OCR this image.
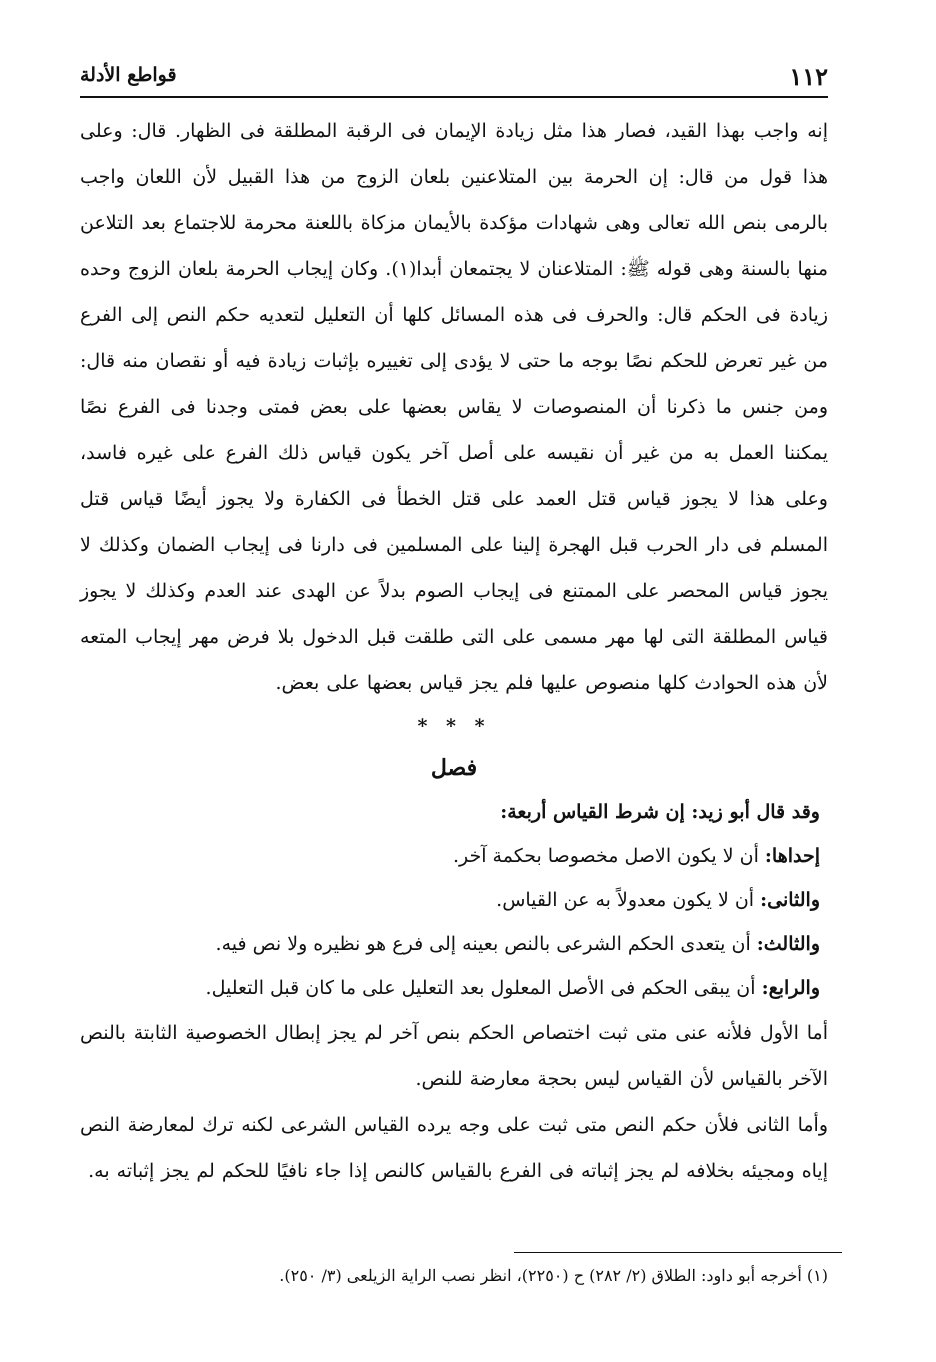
١١٢
قواطع الأدلة

إنه واجب بهذا القيد، فصار هذا مثل زيادة الإيمان فى الرقبة المطلقة فى الظهار. قال: وعلى هذا قول من قال: إن الحرمة بين المتلاعنين بلعان الزوج من هذا القبيل لأن اللعان واجب بالرمى بنص الله تعالى وهى شهادات مؤكدة بالأيمان مزكاة باللعنة محرمة للاجتماع بعد التلاعن منها بالسنة وهى قوله ﷺ: المتلاعنان لا يجتمعان أبدا(١). وكان إيجاب الحرمة بلعان الزوج وحده زيادة فى الحكم قال: والحرف فى هذه المسائل كلها أن التعليل لتعديه حكم النص إلى الفرع من غير تعرض للحكم نصًا بوجه ما حتى لا يؤدى إلى تغييره بإثبات زيادة فيه أو نقصان منه قال: ومن جنس ما ذكرنا أن المنصوصات لا يقاس بعضها على بعض فمتى وجدنا فى الفرع نصًا يمكننا العمل به من غير أن نقيسه على أصل آخر يكون قياس ذلك الفرع على غيره فاسد، وعلى هذا لا يجوز قياس قتل العمد على قتل الخطأ فى الكفارة ولا يجوز أيضًا قياس قتل المسلم فى دار الحرب قبل الهجرة إلينا على المسلمين فى دارنا فى إيجاب الضمان وكذلك لا يجوز قياس المحصر على الممتنع فى إيجاب الصوم بدلاً عن الهدى عند العدم وكذلك لا يجوز قياس المطلقة التى لها مهر مسمى على التى طلقت قبل الدخول بلا فرض مهر إيجاب المتعه لأن هذه الحوادث كلها منصوص عليها فلم يجز قياس بعضها على بعض.

* * *
فصل

وقد قال أبو زيد: إن شرط القياس أربعة:

إحداها: أن لا يكون الاصل مخصوصا بحكمة آخر.

والثانى: أن لا يكون معدولاً به عن القياس.

والثالث: أن يتعدى الحكم الشرعى بالنص بعينه إلى فرع هو نظيره ولا نص فيه.

والرابع: أن يبقى الحكم فى الأصل المعلول بعد التعليل على ما كان قبل التعليل.

أما الأول فلأنه عنى متى ثبت اختصاص الحكم بنص آخر لم يجز إبطال الخصوصية الثابتة بالنص الآخر بالقياس لأن القياس ليس بحجة معارضة للنص.

وأما الثانى فلأن حكم النص متى ثبت على وجه يرده القياس الشرعى لكنه ترك لمعارضة النص إياه ومجيئه بخلافه لم يجز إثباته فى الفرع بالقياس كالنص إذا جاء نافيًا للحكم لم يجز إثباته به.

(١) أخرجه أبو داود: الطلاق (٢/ ٢٨٢) ح (٢٢٥٠)، انظر نصب الراية الزيلعى (٣/ ٢٥٠).
